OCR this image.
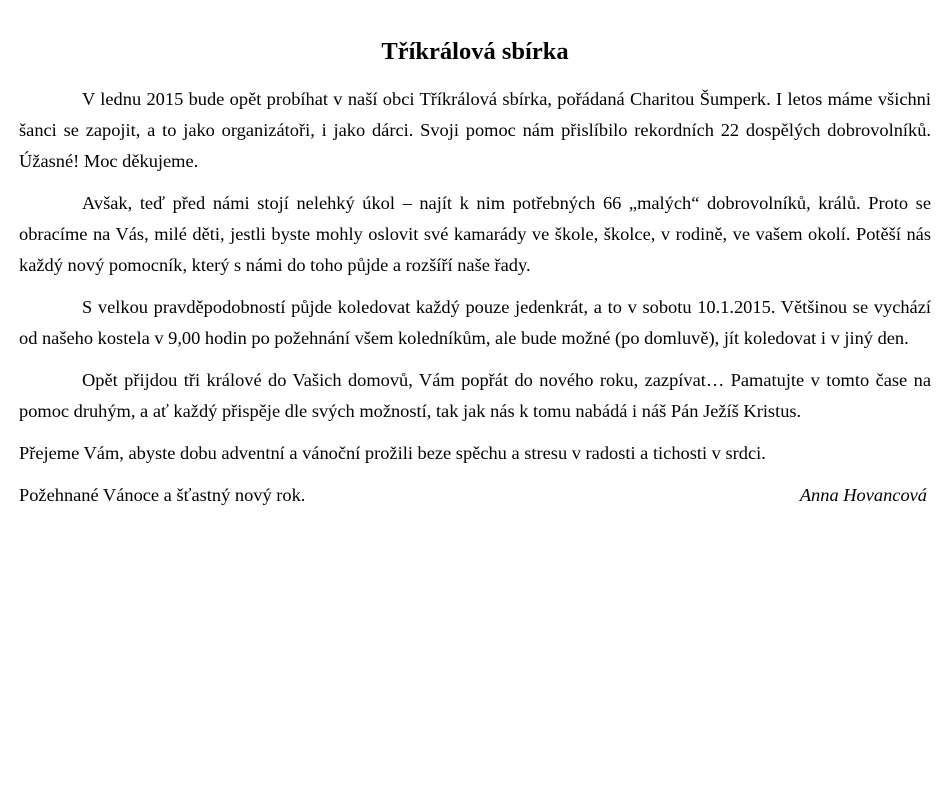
Tříkrálová sbírka

V lednu 2015 bude opět probíhat v naší obci Tříkrálová sbírka, pořádaná Charitou Šumperk. I letos máme všichni šanci se zapojit, a to jako organizátoři, i jako dárci. Svoji pomoc nám přislíbilo rekordních 22 dospělých dobrovolníků. Úžasné! Moc děkujeme.

Avšak, teď před námi stojí nelehký úkol – najít k nim potřebných 66 „malých“ dobrovolníků, králů. Proto se obracíme na Vás, milé děti, jestli byste mohly oslovit své kamarády ve škole, školce, v rodině, ve vašem okolí. Potěší nás každý nový pomocník, který s námi do toho půjde a rozšíří naše řady.

S velkou pravděpodobností půjde koledovat každý pouze jedenkrát, a to v sobotu 10.1.2015. Většinou se vychází od našeho kostela v 9,00 hodin po požehnání všem koledníkům, ale bude možné (po domluvě), jít koledovat i v jiný den.

Opět přijdou tři králové do Vašich domovů, Vám popřát do nového roku, zazpívat… Pamatujte v tomto čase na pomoc druhým, a ať každý přispěje dle svých možností, tak jak nás k tomu nabádá i náš Pán Ježíš Kristus.

Přejeme Vám, abyste dobu adventní a vánoční prožili beze spěchu a stresu v radosti a tichosti v srdci.

Požehnané Vánoce a šťastný nový rok.	Anna Hovancová
